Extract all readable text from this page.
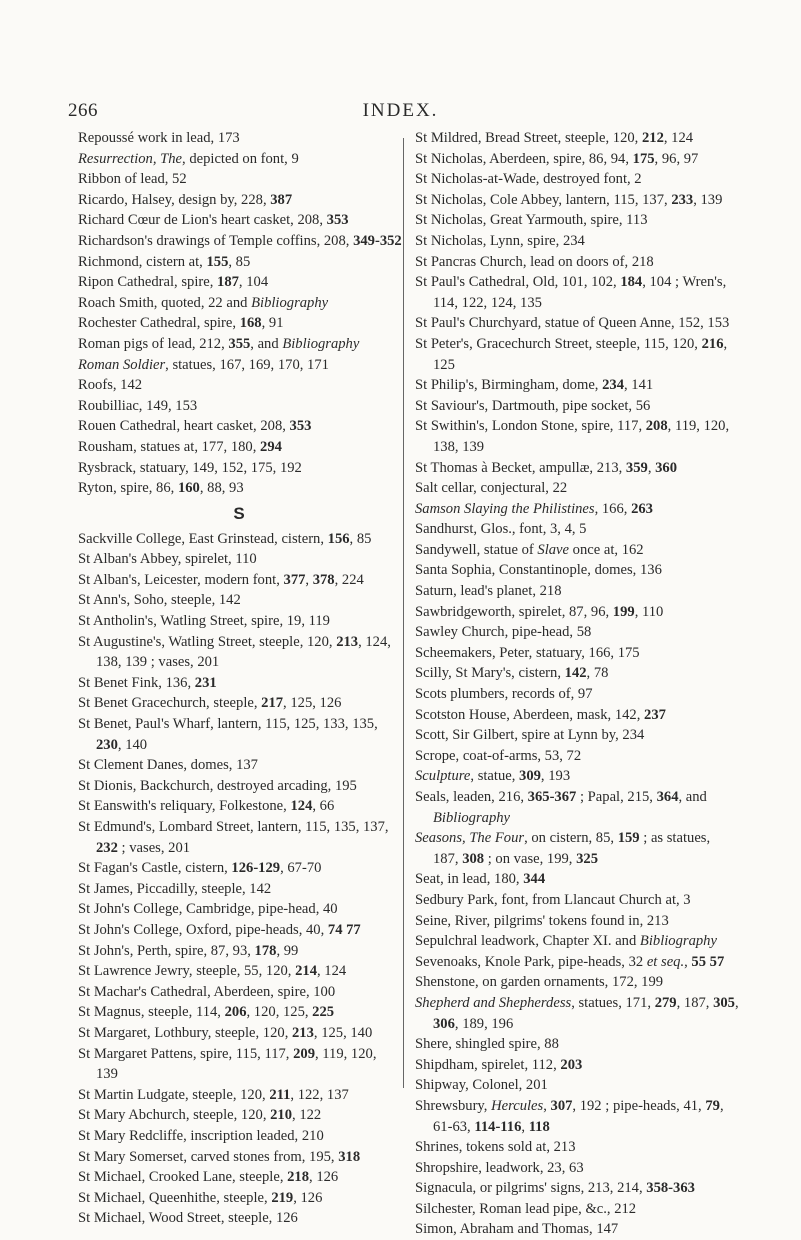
266	INDEX.
Repoussé work in lead, 173
Resurrection, The, depicted on font, 9
Ribbon of lead, 52
Ricardo, Halsey, design by, 228, 387
Richard Cœur de Lion's heart casket, 208, 353
Richardson's drawings of Temple coffins, 208, 349-352
Richmond, cistern at, 155, 85
Ripon Cathedral, spire, 187, 104
Roach Smith, quoted, 22 and Bibliography
Rochester Cathedral, spire, 168, 91
Roman pigs of lead, 212, 355, and Bibliography
Roman Soldier, statues, 167, 169, 170, 171
Roofs, 142
Roubilliac, 149, 153
Rouen Cathedral, heart casket, 208, 353
Rousham, statues at, 177, 180, 294
Rysbrack, statuary, 149, 152, 175, 192
Ryton, spire, 86, 160, 88, 93
S
Sackville College, East Grinstead, cistern, 156, 85
St Alban's Abbey, spirelet, 110
St Alban's, Leicester, modern font, 377, 378, 224
St Ann's, Soho, steeple, 142
St Antholin's, Watling Street, spire, 19, 119
St Augustine's, Watling Street, steeple, 120, 213, 124,
138, 139 ; vases, 201
St Benet Fink, 136, 231
St Benet Gracechurch, steeple, 217, 125, 126
St Benet, Paul's Wharf, lantern, 115, 125, 133, 135,
230, 140
St Clement Danes, domes, 137
St Dionis, Backchurch, destroyed arcading, 195
St Eanswith's reliquary, Folkestone, 124, 66
St Edmund's, Lombard Street, lantern, 115, 135, 137,
232 ; vases, 201
St Fagan's Castle, cistern, 126-129, 67-70
St James, Piccadilly, steeple, 142
St John's College, Cambridge, pipe-head, 40
St John's College, Oxford, pipe-heads, 40, 74 77
St John's, Perth, spire, 87, 93, 178, 99
St Lawrence Jewry, steeple, 55, 120, 214, 124
St Machar's Cathedral, Aberdeen, spire, 100
St Magnus, steeple, 114, 206, 120, 125, 225
St Margaret, Lothbury, steeple, 120, 213, 125, 140
St Margaret Pattens, spire, 115, 117, 209, 119, 120,
139
St Martin Ludgate, steeple, 120, 211, 122, 137
St Mary Abchurch, steeple, 120, 210, 122
St Mary Redcliffe, inscription leaded, 210
St Mary Somerset, carved stones from, 195, 318
St Michael, Crooked Lane, steeple, 218, 126
St Michael, Queenhithe, steeple, 219, 126
St Michael, Wood Street, steeple, 126
St Mildred, Bread Street, steeple, 120, 212, 124
St Nicholas, Aberdeen, spire, 86, 94, 175, 96, 97
St Nicholas-at-Wade, destroyed font, 2
St Nicholas, Cole Abbey, lantern, 115, 137, 233, 139
St Nicholas, Great Yarmouth, spire, 113
St Nicholas, Lynn, spire, 234
St Pancras Church, lead on doors of, 218
St Paul's Cathedral, Old, 101, 102, 184, 104 ; Wren's,
114, 122, 124, 135
St Paul's Churchyard, statue of Queen Anne, 152, 153
St Peter's, Gracechurch Street, steeple, 115, 120, 216,
125
St Philip's, Birmingham, dome, 234, 141
St Saviour's, Dartmouth, pipe socket, 56
St Swithin's, London Stone, spire, 117, 208, 119, 120,
138, 139
St Thomas à Becket, ampullæ, 213, 359, 360
Salt cellar, conjectural, 22
Samson Slaying the Philistines, 166, 263
Sandhurst, Glos., font, 3, 4, 5
Sandywell, statue of Slave once at, 162
Santa Sophia, Constantinople, domes, 136
Saturn, lead's planet, 218
Sawbridgeworth, spirelet, 87, 96, 199, 110
Sawley Church, pipe-head, 58
Scheemakers, Peter, statuary, 166, 175
Scilly, St Mary's, cistern, 142, 78
Scots plumbers, records of, 97
Scotston House, Aberdeen, mask, 142, 237
Scott, Sir Gilbert, spire at Lynn by, 234
Scrope, coat-of-arms, 53, 72
Sculpture, statue, 309, 193
Seals, leaden, 216, 365-367 ; Papal, 215, 364, and
Bibliography
Seasons, The Four, on cistern, 85, 159 ; as statues,
187, 308 ; on vase, 199, 325
Seat, in lead, 180, 344
Sedbury Park, font, from Llancaut Church at, 3
Seine, River, pilgrims' tokens found in, 213
Sepulchral leadwork, Chapter XI. and Bibliography
Sevenoaks, Knole Park, pipe-heads, 32 et seq., 55 57
Shenstone, on garden ornaments, 172, 199
Shepherd and Shepherdess, statues, 171, 279, 187, 305,
306, 189, 196
Shere, shingled spire, 88
Shipdham, spirelet, 112, 203
Shipway, Colonel, 201
Shrewsbury, Hercules, 307, 192 ; pipe-heads, 41, 79,
61-63, 114-116, 118
Shrines, tokens sold at, 213
Shropshire, leadwork, 23, 63
Signacula, or pilgrims' signs, 213, 214, 358-363
Silchester, Roman lead pipe, &c., 212
Simon, Abraham and Thomas, 147
